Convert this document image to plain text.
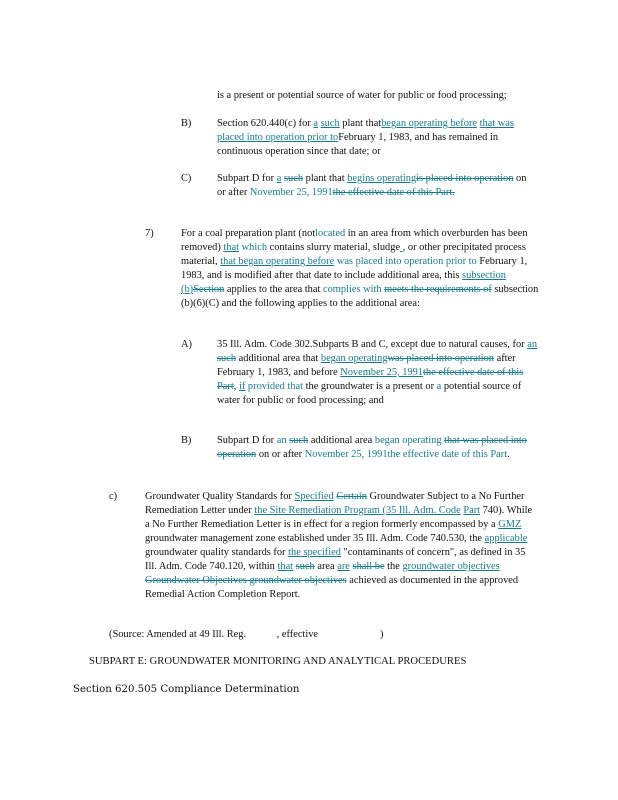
is a present or potential source of water for public or food processing;
B) Section 620.440(c) for a such plant thatbegan operating before that was placed into operation prior toFebruary 1, 1983, and has remained in continuous operation since that date; or
C) Subpart D for a such plant that begins operatingis placed into operation on or after November 25, 1991the effective date of this Part.
7)	For a coal preparation plant (notlocated in an area from which overburden has been removed) that which contains slurry material, sludge , or other precipitated process material, that began operating before was placed into operation prior to February 1, 1983, and is modified after that date to include additional area, this subsection (b)Section applies to the area that complies with meets the requirements of subsection (b)(6)(C) and the following applies to the additional area:
A) 35 Ill. Adm. Code 302.Subparts B and C, except due to natural causes, for an such additional area that began operatingwas placed into operation after February 1, 1983, and before November 25, 1991the effective date of this Part, if provided that the groundwater is a present or a potential source of water for public or food processing; and
B) Subpart D for an such additional area began operating that was placed into operation on or after November 25, 1991the effective date of this Part.
c)	Groundwater Quality Standards for Specified Certain Groundwater Subject to a No Further Remediation Letter under the Site Remediation Program (35 Ill. Adm. Code Part 740). While a No Further Remediation Letter is in effect for a region formerly encompassed by a GMZ groundwater management zone established under 35 Ill. Adm. Code 740.530, the applicable groundwater quality standards for the specified "contaminants of concern", as defined in 35 Ill. Adm. Code 740.120, within that such area are shall be the groundwater objectives Groundwater Objectives groundwater objectives achieved as documented in the approved Remedial Action Completion Report.
(Source: Amended at 49 Ill. Reg.	, effective	)
SUBPART E: GROUNDWATER MONITORING AND ANALYTICAL PROCEDURES
Section 620.505 Compliance Determination
